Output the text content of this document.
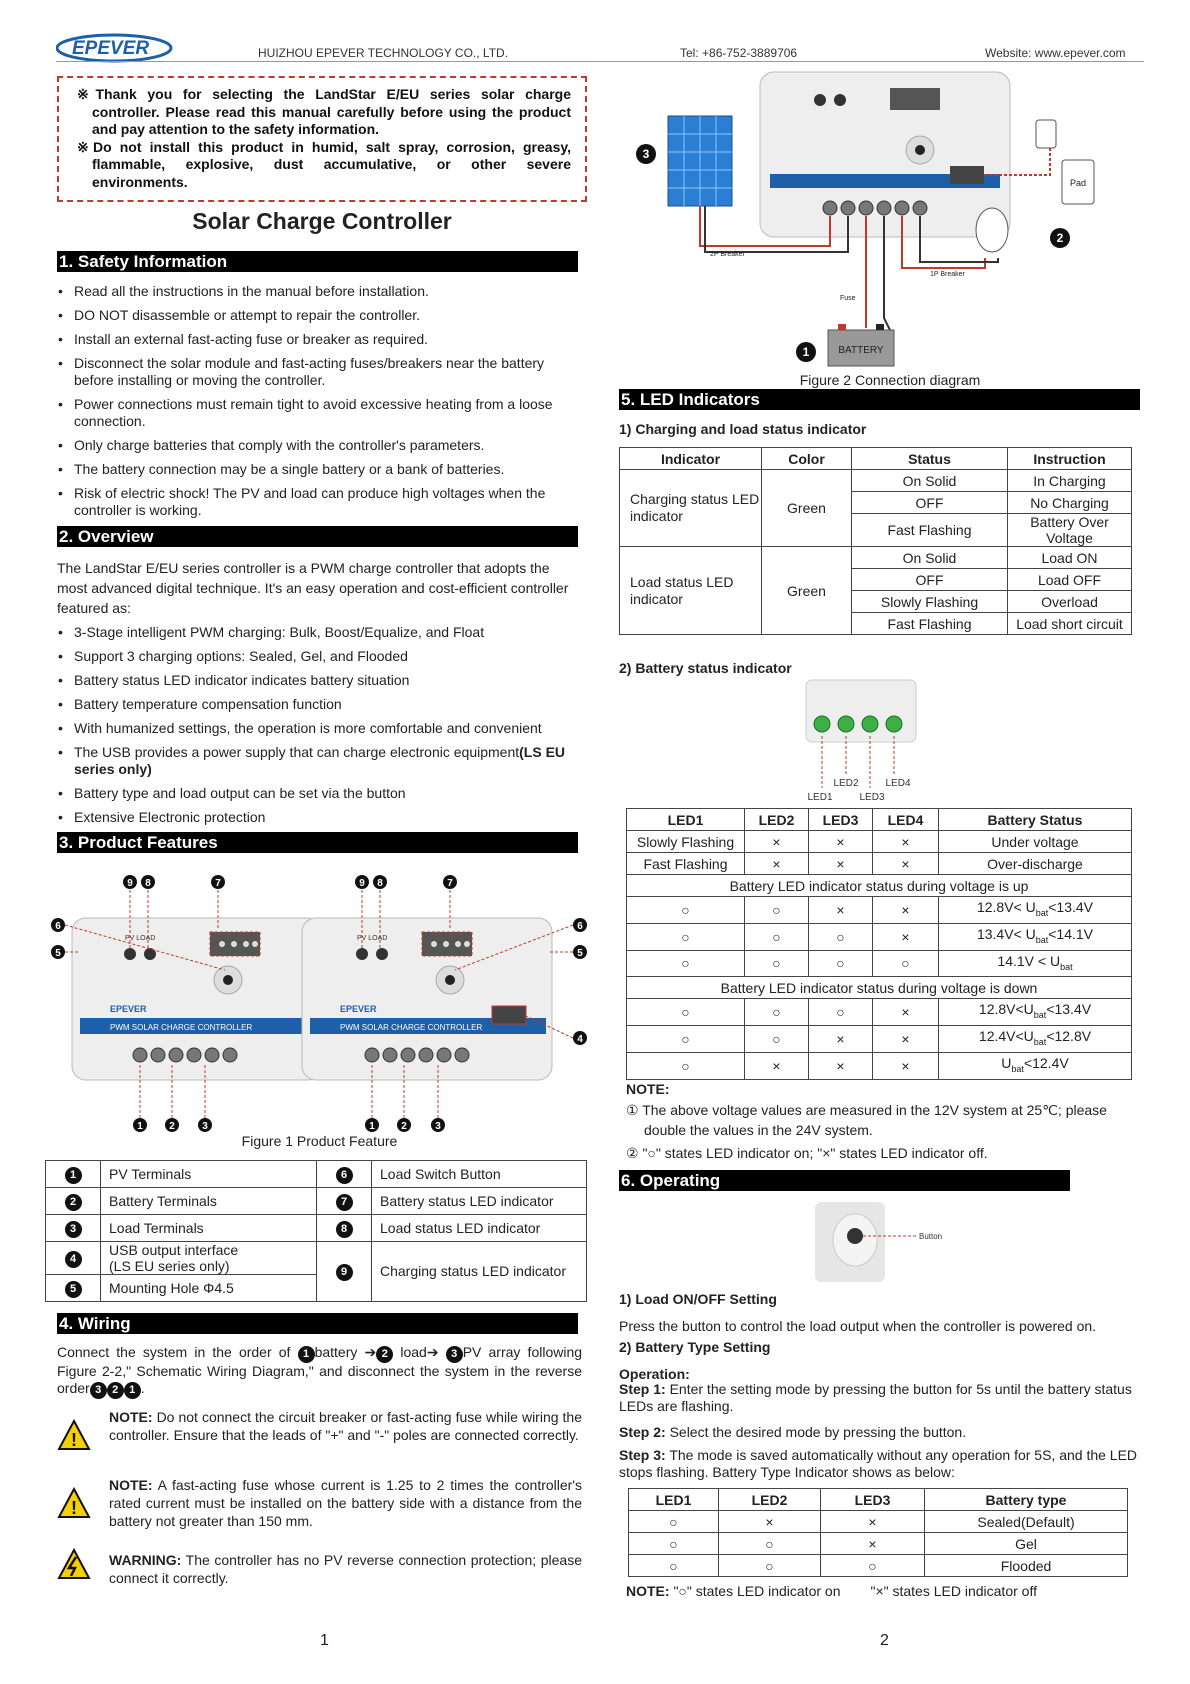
EPEVER	HUIZHOU EPEVER TECHNOLOGY CO., LTD.	Tel: +86-752-3889706	Website: www.epever.com

※Thank you for selecting the LandStar E/EU series solar charge controller. Please read this manual carefully before using the product and pay attention to the safety information.

※Do not install this product in humid, salt spray, corrosion, greasy, flammable, explosive, dust accumulative, or other severe environments.

Solar Charge Controller
1. Safety Information
• Read all the instructions in the manual before installation.
• DO NOT disassemble or attempt to repair the controller.
• Install an external fast-acting fuse or breaker as required.
• Disconnect the solar module and fast-acting fuses/breakers near the battery before installing or moving the controller.
• Power connections must remain tight to avoid excessive heating from a loose connection.
• Only charge batteries that comply with the controller's parameters.
• The battery connection may be a single battery or a bank of batteries.
• Risk of electric shock! The PV and load can produce high voltages when the controller is working.
2. Overview
The LandStar E/EU series controller is a PWM charge controller that adopts the most advanced digital technique. It's an easy operation and cost-efficient controller featured as:
• 3-Stage intelligent PWM charging: Bulk, Boost/Equalize, and Float
• Support 3 charging options: Sealed, Gel, and Flooded
• Battery status LED indicator indicates battery situation
• Battery temperature compensation function
• With humanized settings, the operation is more comfortable and convenient
• The USB provides a power supply that can charge electronic equipment(LS EU series only)
• Battery type and load output can be set via the button
• Extensive Electronic protection
3. Product Features
PWM SOLAR CHARGE CONTROLLER
EPEVER
PV LOAD
PWM SOLAR CHARGE CONTROLLER
EPEVER
PV LOAD
9 8	7
6
5
1	2	3
9 8	7
6
5
4
1	2	3
Figure 1 Product Feature
1	PV Terminals	6	Load Switch Button
2	Battery Terminals	7	Battery status LED indicator
3	Load Terminals	8	Load status LED indicator
4	USB output interface
(LS EU series only)	9	Charging status LED indicator
5	Mounting Hole Φ4.5		
4. Wiring
Connect the system in the order of 1 battery ➔ 2 load➔ 3 PV array following Figure 2-2," Schematic Wiring Diagram," and disconnect the system in the reverse order 3 2 1 .
!
NOTE: Do not connect the circuit breaker or fast-acting fuse while wiring the controller. Ensure that the leads of "+" and "-" poles are connected correctly.
!
NOTE: A fast-acting fuse whose current is 1.25 to 2 times the controller's rated current must be installed on the battery side with a distance from the battery not greater than 150 mm.
WARNING: The controller has no PV reverse connection protection; please connect it correctly.
1
BATTERY
Pad
2P Breaker
1P Breaker
Fuse
3
2
1
Figure 2 Connection diagram
5. LED Indicators
1) Charging and load status indicator
Indicator	Color	Status	Instruction
Charging status LED indicator	Green	On Solid	In Charging
		OFF	No Charging
		Fast Flashing	Battery Over Voltage
Load status LED indicator	Green	On Solid	Load ON
		OFF	Load OFF
		Slowly Flashing	Overload
		Fast Flashing	Load short circuit
2) Battery status indicator
LED1
LED2
LED3
LED4
LED1	LED2	LED3	LED4	Battery Status
Slowly Flashing	×	×	×	Under voltage
Fast Flashing	×	×	×	Over-discharge
Battery LED indicator status during voltage is up				
○	○	×	×	$12.8V< U_{bat}<13.4V$
○	○	○	×	$13.4V< U_{bat}<14.1V$
○	○	○	○	$14.1V < U_{bat}$
Battery LED indicator status during voltage is down				
○	○	○	×	$12.8V<U_{bat}<13.4V$
○	○	×	×	$12.4V<U_{bat}<12.8V$
○	×	×	×	$U_{bat}<12.4V$
NOTE:
① The above voltage values are measured in the 12V system at 25℃; please double the values in the 24V system.
② "○" states LED indicator on; "×" states LED indicator off.
6. Operating
Button
1) Load ON/OFF Setting
Press the button to control the load output when the controller is powered on.
2) Battery Type Setting
Operation:
Step 1: Enter the setting mode by pressing the button for 5s until the battery status LEDs are flashing.
Step 2: Select the desired mode by pressing the button.
Step 3: The mode is saved automatically without any operation for 5S, and the LED stops flashing. Battery Type Indicator shows as below:
LED1	LED2	LED3	Battery type
○	×	×	Sealed(Default)
○	○	×	Gel
○	○	○	Flooded
NOTE: "○" states LED indicator on "×" states LED indicator off
2
